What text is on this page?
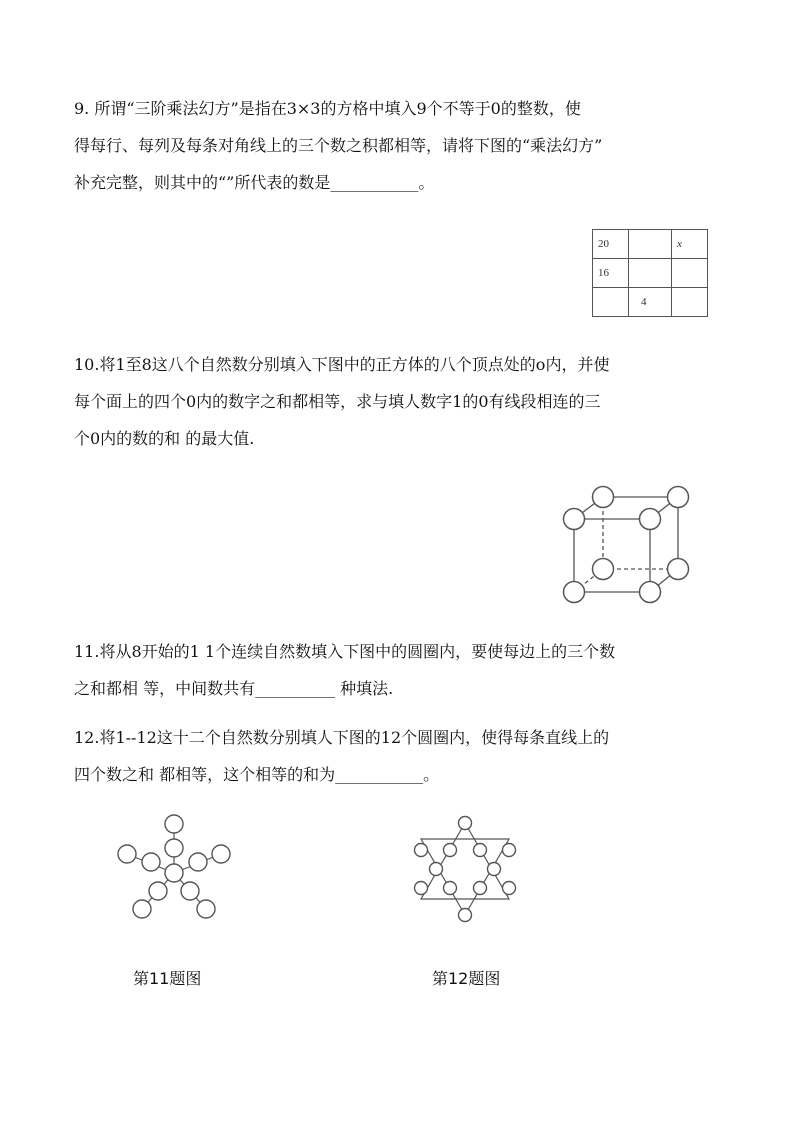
9. 所谓“三阶乘法幻方”是指在3×3的方格中填入9个不等于0的整数，使

得每行、每列及每条对角线上的三个数之积都相等，请将下图的“乘法幻方”

补充完整，则其中的“”所代表的数是___________。

20		x
16		
	4	

10.将1至8这八个自然数分别填入下图中的正方体的八个顶点处的o内，并使

每个面上的四个0内的数字之和都相等，求与填人数字1的0有线段相连的三

个0内的数的和 的最大值.

11.将从8开始的1 1个连续自然数填入下图中的圆圈内，要使每边上的三个数

之和都相 等，中间数共有__________ 种填法.

12.将1--12这十二个自然数分别填人下图的12个圆圈内，使得每条直线上的

四个数之和 都相等，这个相等的和为___________。

第11题图	第12题图
